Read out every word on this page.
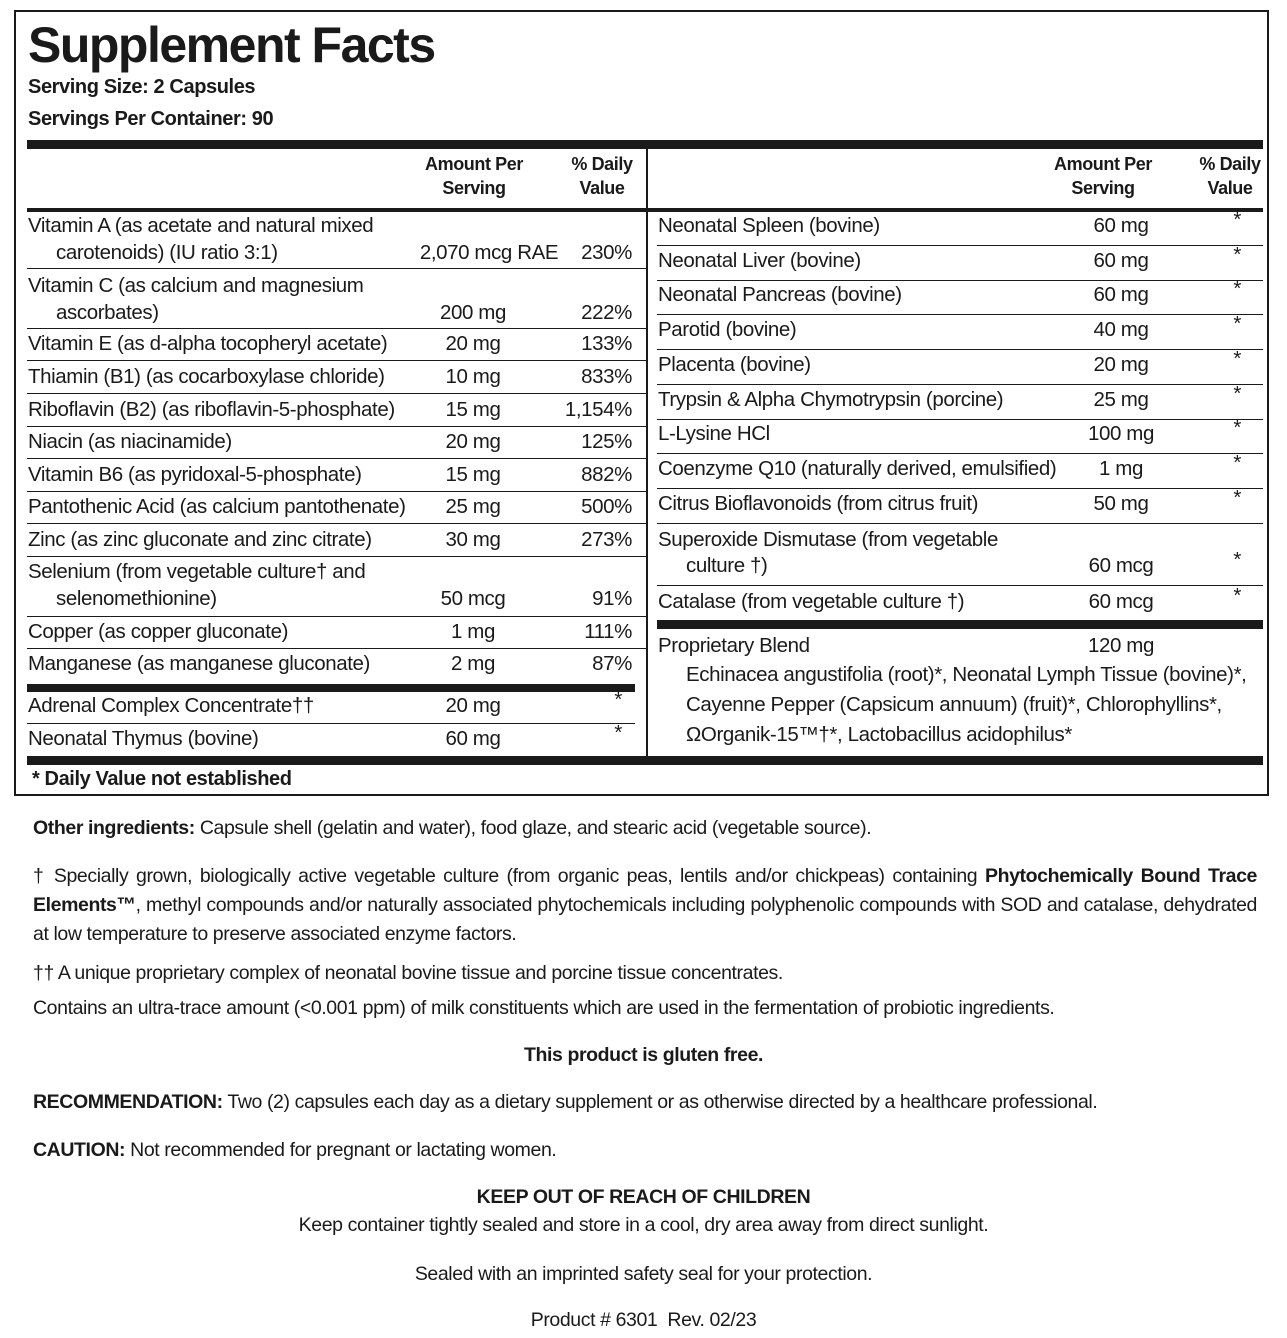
Supplement Facts
Serving Size: 2 Capsules
Servings Per Container: 90
Amount Per
Serving
% Daily
Value
Amount Per
Serving
% Daily
Value
Vitamin A (as acetate and natural mixed
carotenoids) (IU ratio 3:1)	2,070 mcg RAE	230%
Vitamin C (as calcium and magnesium
ascorbates)	200 mg	222%
Vitamin E (as d-alpha tocopheryl acetate)	20 mg	133%
Thiamin (B1) (as cocarboxylase chloride)	10 mg	833%
Riboflavin (B2) (as riboflavin-5-phosphate)	15 mg	1,154%
Niacin (as niacinamide)	20 mg	125%
Vitamin B6 (as pyridoxal-5-phosphate)	15 mg	882%
Pantothenic Acid (as calcium pantothenate)	25 mg	500%
Zinc (as zinc gluconate and zinc citrate)	30 mg	273%
Selenium (from vegetable culture† and
selenomethionine)	50 mcg	91%
Copper (as copper gluconate)	1 mg	111%
Manganese (as manganese gluconate)	2 mg	87%
Adrenal Complex Concentrate††	20 mg	*
Neonatal Thymus (bovine)	60 mg	*
Neonatal Spleen (bovine)	60 mg	*
Neonatal Liver (bovine)	60 mg	*
Neonatal Pancreas (bovine)	60 mg	*
Parotid (bovine)	40 mg	*
Placenta (bovine)	20 mg	*
Trypsin & Alpha Chymotrypsin (porcine)	25 mg	*
L-Lysine HCl	100 mg	*
Coenzyme Q10 (naturally derived, emulsified)	1 mg	*
Citrus Bioflavonoids (from citrus fruit)	50 mg	*
Superoxide Dismutase (from vegetable
culture †)	60 mcg	*
Catalase (from vegetable culture †)	60 mcg	*
Proprietary Blend	120 mg
Echinacea angustifolia (root)*, Neonatal Lymph Tissue (bovine)*,
Cayenne Pepper (Capsicum annuum) (fruit)*, Chlorophyllins*,
ΩOrganik-15™†*, Lactobacillus acidophilus*
* Daily Value not established
Other ingredients: Capsule shell (gelatin and water), food glaze, and stearic acid (vegetable source).
† Specially grown, biologically active vegetable culture (from organic peas, lentils and/or chickpeas) containing Phytochemically Bound Trace Elements™, methyl compounds and/or naturally associated phytochemicals including polyphenolic compounds with SOD and catalase, dehydrated at low temperature to preserve associated enzyme factors.
†† A unique proprietary complex of neonatal bovine tissue and porcine tissue concentrates.
Contains an ultra-trace amount (<0.001 ppm) of milk constituents which are used in the fermentation of probiotic ingredients.
This product is gluten free.
RECOMMENDATION: Two (2) capsules each day as a dietary supplement or as otherwise directed by a healthcare professional.
CAUTION: Not recommended for pregnant or lactating women.
KEEP OUT OF REACH OF CHILDREN
Keep container tightly sealed and store in a cool, dry area away from direct sunlight.
Sealed with an imprinted safety seal for your protection.
Product # 6301  Rev. 02/23
